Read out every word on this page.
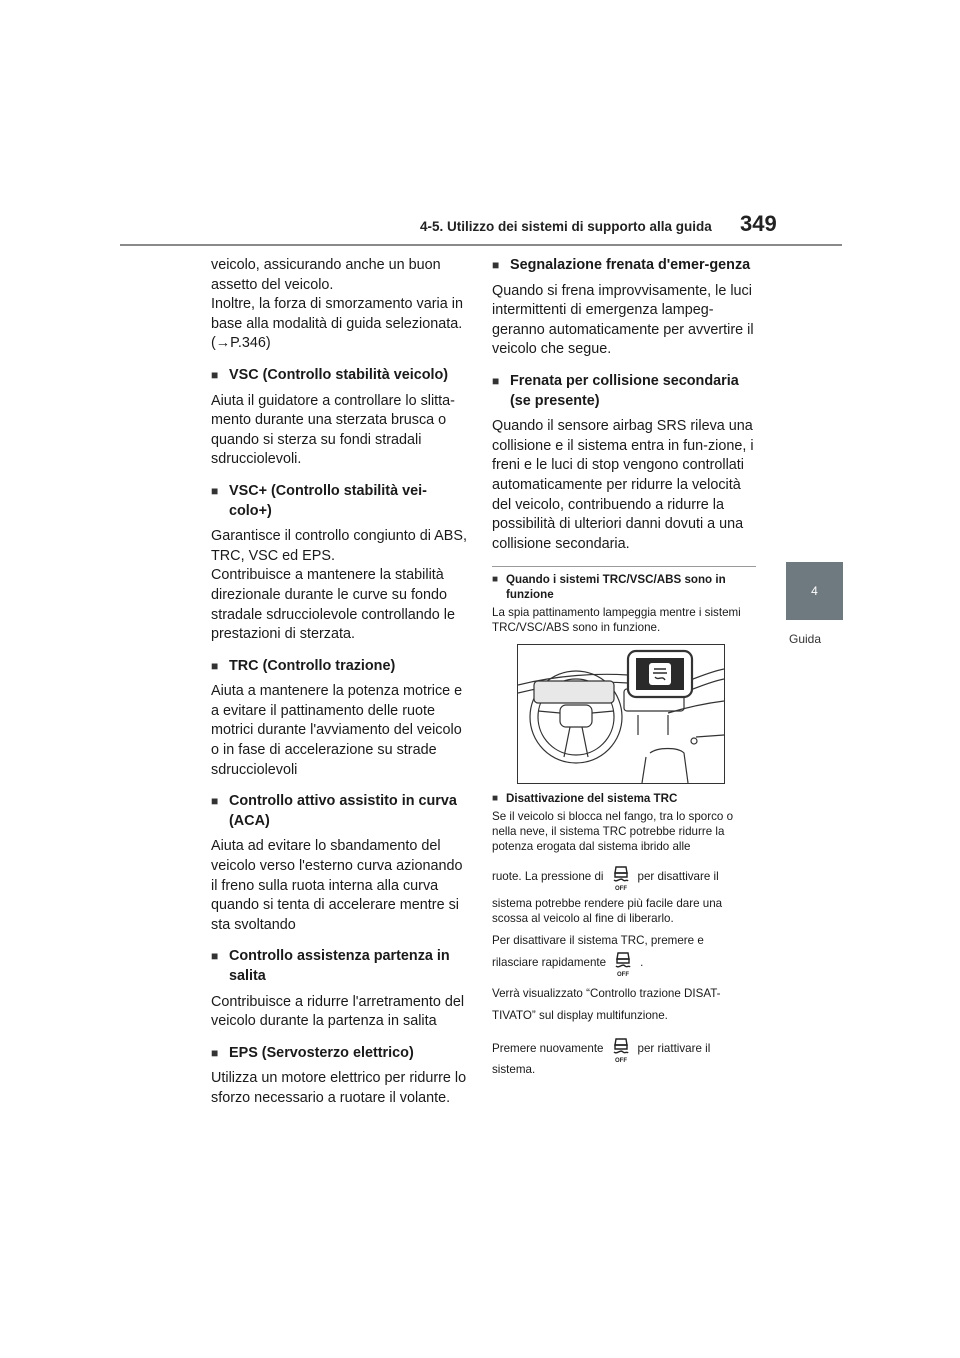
4-5. Utilizzo dei sistemi di supporto alla guida 349
4
Guida

veicolo, assicurando anche un buon assetto del veicolo.

Inoltre, la forza di smorzamento varia in base alla modalità di guida selezionata.

(→P.346)

■ VSC (Controllo stabilità veicolo)

Aiuta il guidatore a controllare lo slitta-mento durante una sterzata brusca o quando si sterza su fondi stradali sdrucciolevoli.

■ VSC+ (Controllo stabilità vei-colo+)

Garantisce il controllo congiunto di ABS, TRC, VSC ed EPS.

Contribuisce a mantenere la stabilità direzionale durante le curve su fondo stradale sdrucciolevole controllando le prestazioni di sterzata.

■ TRC (Controllo trazione)

Aiuta a mantenere la potenza motrice e a evitare il pattinamento delle ruote motrici durante l'avviamento del veicolo o in fase di accelerazione su strade sdrucciolevoli

■ Controllo attivo assistito in curva (ACA)

Aiuta ad evitare lo sbandamento del veicolo verso l'esterno curva azionando il freno sulla ruota interna alla curva quando si tenta di accelerare mentre si sta svoltando

■ Controllo assistenza partenza in salita

Contribuisce a ridurre l'arretramento del veicolo durante la partenza in salita

■ EPS (Servosterzo elettrico)

Utilizza un motore elettrico per ridurre lo sforzo necessario a ruotare il volante.

■ Segnalazione frenata d'emer-genza

Quando si frena improvvisamente, le luci intermittenti di emergenza lampeg-geranno automaticamente per avvertire il veicolo che segue.

■ Frenata per collisione secondaria (se presente)

Quando il sensore airbag SRS rileva una collisione e il sistema entra in fun-zione, i freni e le luci di stop vengono controllati automaticamente per ridurre la velocità del veicolo, contribuendo a ridurre la possibilità di ulteriori danni dovuti a una collisione secondaria.

■ Quando i sistemi TRC/VSC/ABS sono in funzione

La spia pattinamento lampeggia mentre i sistemi TRC/VSC/ABS sono in funzione.

■ Disattivazione del sistema TRC

Se il veicolo si blocca nel fango, tra lo sporco o nella neve, il sistema TRC potrebbe ridurre la potenza erogata dal sistema ibrido alle

ruote. La pressione di
OFF
per disattivare il

sistema potrebbe rendere più facile dare una scossa al veicolo al fine di liberarlo.

Per disattivare il sistema TRC, premere e

rilasciare rapidamente
OFF
.

Verrà visualizzato “Controllo trazione DISAT-TIVATO” sul display multifunzione.

Premere nuovamente
OFF
per riattivare il

sistema.
